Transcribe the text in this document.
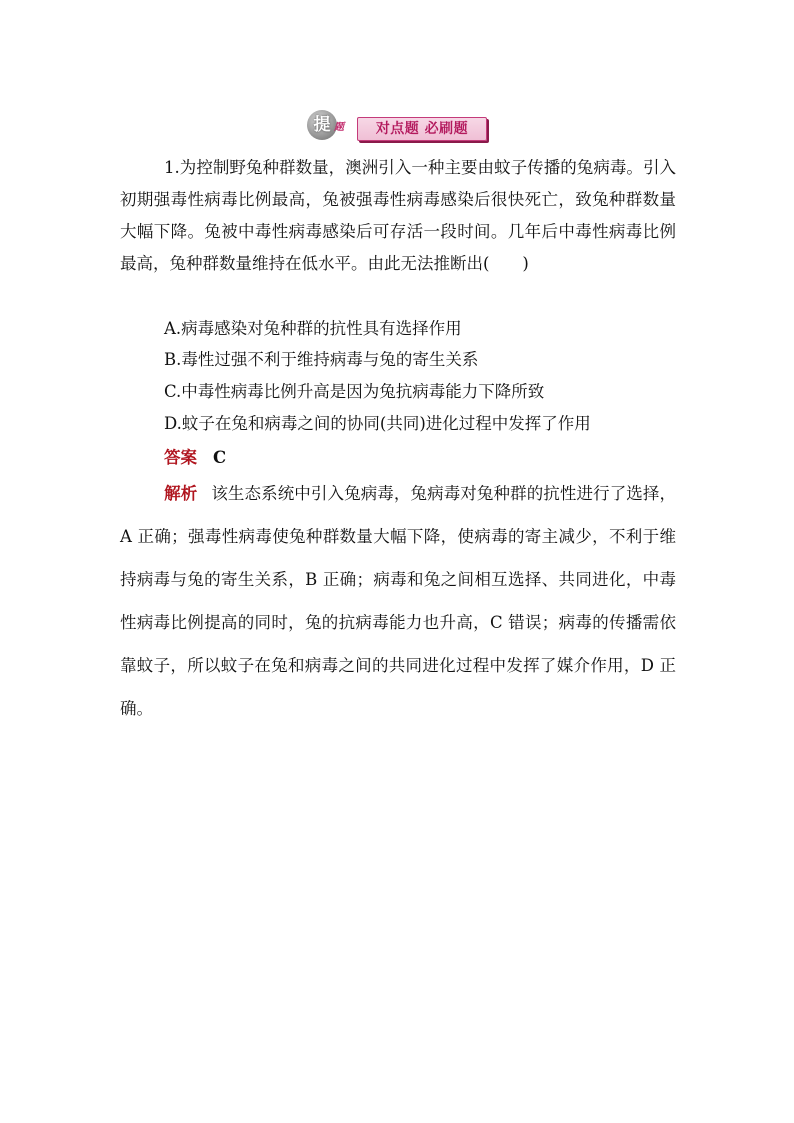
提 题	对点题 必刷题
1.为控制野兔种群数量，澳洲引入一种主要由蚊子传播的兔病毒。引入初期强毒性病毒比例最高，兔被强毒性病毒感染后很快死亡，致兔种群数量大幅下降。兔被中毒性病毒感染后可存活一段时间。几年后中毒性病毒比例最高，兔种群数量维持在低水平。由此无法推断出(　　)
A.病毒感染对兔种群的抗性具有选择作用
B.毒性过强不利于维持病毒与兔的寄生关系
C.中毒性病毒比例升高是因为兔抗病毒能力下降所致
D.蚊子在兔和病毒之间的协同(共同)进化过程中发挥了作用
答案 C
解析 该生态系统中引入兔病毒，兔病毒对兔种群的抗性进行了选择，A 正确；强毒性病毒使兔种群数量大幅下降，使病毒的寄主减少，不利于维持病毒与兔的寄生关系，B 正确；病毒和兔之间相互选择、共同进化，中毒性病毒比例提高的同时，兔的抗病毒能力也升高，C 错误；病毒的传播需依靠蚊子，所以蚊子在兔和病毒之间的共同进化过程中发挥了媒介作用，D 正确。
